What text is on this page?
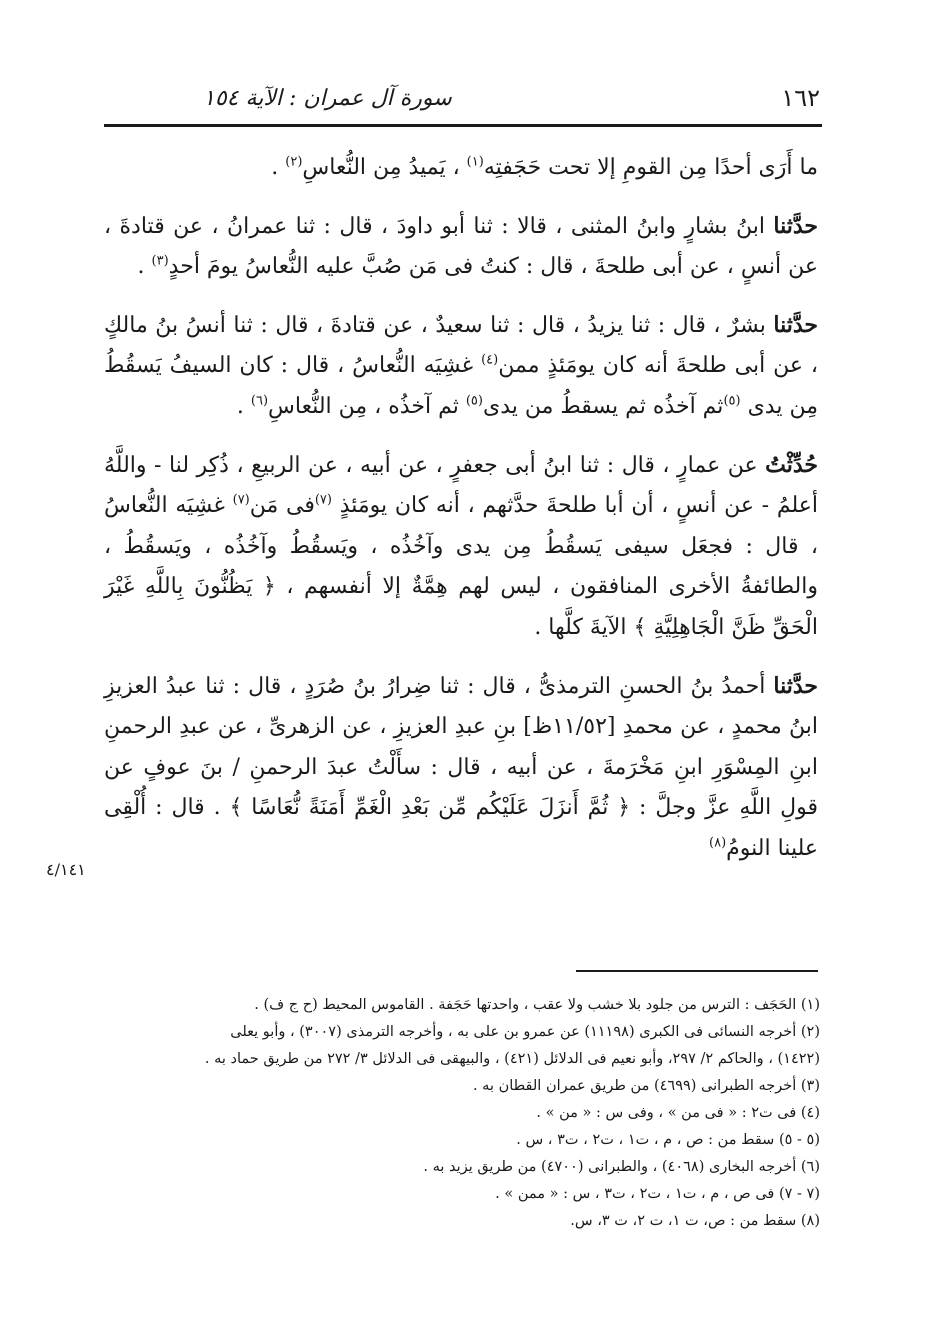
١٦٢
سورة آل عمران : الآية ١٥٤

ما أَرَى أحدًا مِن القومِ إلا تحت حَجَفتِه$^{(١)}$ ، يَميدُ مِن النُّعاسِ$^{(٢)}$ .

حدَّثنا ابنُ بشارٍ وابنُ المثنى ، قالا : ثنا أبو داودَ ، قال : ثنا عمرانُ ، عن قتادةَ ، عن أنسٍ ، عن أبى طلحةَ ، قال : كنتُ فى مَن صُبَّ عليه النُّعاسُ يومَ أحدٍ$^{(٣)}$ .

حدَّثنا بشرٌ ، قال : ثنا يزيدُ ، قال : ثنا سعيدٌ ، عن قتادةَ ، قال : ثنا أنسُ بنُ مالكٍ ، عن أبى طلحةَ أنه كان يومَئذٍ ممن$^{(٤)}$ غشِيَه النُّعاسُ ، قال : كان السيفُ يَسقُطُ مِن يدى $^{(٥)}$ثم آخذُه ثم يسقطُ من يدى$^{(٥)}$ ثم آخذُه ، مِن النُّعاسِ$^{(٦)}$ .

حُدِّثْتُ عن عمارٍ ، قال : ثنا ابنُ أبى جعفرٍ ، عن أبيه ، عن الربيعِ ، ذُكِر لنا - واللَّهُ أعلمُ - عن أنسٍ ، أن أبا طلحةَ حدَّثهم ، أنه كان يومَئذٍ $^{(٧)}$فى مَن$^{(٧)}$ غشِيَه النُّعاسُ ، قال : فجعَل سيفى يَسقُطُ مِن يدى وآخُذُه ، ويَسقُطُ وآخُذُه ، ويَسقُطُ ، والطائفةُ الأخرى المنافقون ، ليس لهم هِمَّةٌ إلا أنفسهم ، ﴿ يَظُنُّونَ بِاللَّهِ غَيْرَ الْحَقِّ ظَنَّ الْجَاهِلِيَّةِ ﴾ الآيةَ كلَّها .

حدَّثنا أحمدُ بنُ الحسنِ الترمذىُّ ، قال : ثنا ضِرارُ بنُ صُرَدٍ ، قال : ثنا عبدُ العزيزِ ابنُ محمدٍ ، عن محمدِ [١١/٥٢ظ] بنِ عبدِ العزيزِ ، عن الزهرىِّ ، عن عبدِ الرحمنِ ابنِ المِسْوَرِ ابنِ مَخْرَمةَ ، عن أبيه ، قال : سأَلْتُ عبدَ الرحمنِ / بنَ عوفٍ عن قولِ اللَّهِ عزَّ وجلَّ : ﴿ ثُمَّ أَنزَلَ عَلَيْكُم مِّن بَعْدِ الْغَمِّ أَمَنَةً نُّعَاسًا ﴾ . قال : أُلْقِى علينا النومُ$^{(٨)}$

٤/١٤١

(١) الحَجَف : الترس من جلود بلا خشب ولا عقب ، واحدتها حَجَفة . القاموس المحيط (ح ج ف) .

(٢) أخرجه النسائى فى الكبرى (١١١٩٨) عن عمرو بن على به ، وأخرجه الترمذى (٣٠٠٧) ، وأبو يعلى

(١٤٢٢) ، والحاكم ٢/ ٢٩٧، وأبو نعيم فى الدلائل (٤٢١) ، والبيهقى فى الدلائل ٣/ ٢٧٢ من طريق حماد به .

(٣) أخرجه الطبرانى (٤٦٩٩) من طريق عمران القطان به .

(٤) فى ت٢ : « فى من » ، وفى س : « من » .

(٥ - ٥) سقط من : ص ، م ، ت١ ، ت٢ ، ت٣ ، س .

(٦) أخرجه البخارى (٤٠٦٨) ، والطبرانى (٤٧٠٠) من طريق يزيد به .

(٧ - ٧) فى ص ، م ، ت١ ، ت٢ ، ت٣ ، س : « ممن » .

(٨) سقط من : ص، ت ١، ت ٢، ت ٣، س.
